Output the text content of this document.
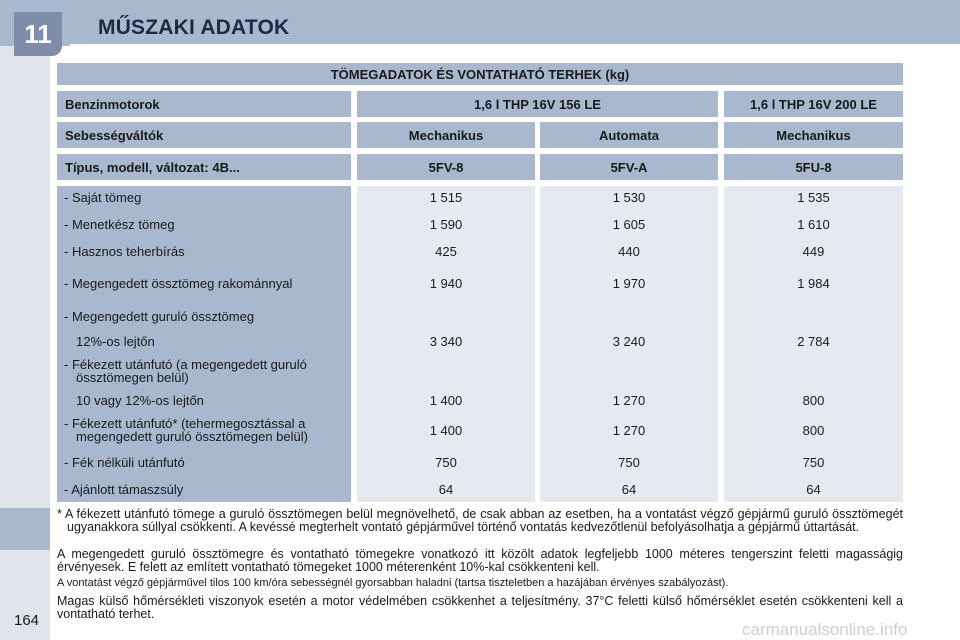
11	MŰSZAKI ADATOK
TÖMEGADATOK ÉS VONTATHATÓ TERHEK (kg)
Benzinmotorok	1,6 l THP 16V 156 LE	1,6 l THP 16V 200 LE
Sebességváltók	Mechanikus	Automata	Mechanikus
Típus, modell, változat: 4B...	5FV-8	5FV-A	5FU-8
- Saját tömeg	1 515	1 530	1 535
- Menetkész tömeg	1 590	1 605	1 610
- Hasznos teherbírás	425	440	449
- Megengedett össztömeg rakománnyal	1 940	1 970	1 984
- Megengedett guruló össztömeg
12%-os lejtőn	3 340	3 240	2 784
- Fékezett utánfutó (a megengedett guruló össztömegen belül)
10 vagy 12%-os lejtőn	1 400	1 270	800
- Fékezett utánfutó* (tehermegosztással a megengedett guruló össztömegen belül)	1 400	1 270	800
- Fék nélküli utánfutó	750	750	750
- Ajánlott támaszsúly	64	64	64
* A fékezett utánfutó tömege a guruló össztömegen belül megnövelhető, de csak abban az esetben, ha a vontatást végző gépjármű guruló össztömegét ugyanakkora súllyal csökkenti. A kevéssé megterhelt vontató gépjárművel történő vontatás kedvezőtlenül befolyásolhatja a gépjármű úttartását.
A megengedett guruló össztömegre és vontatható tömegekre vonatkozó itt közölt adatok legfeljebb 1000 méteres tengerszint feletti magasságig érvényesek. E felett az említett vontatható tömegeket 1000 méterenként 10%-kal csökkenteni kell.
A vontatást végző gépjárművel tilos 100 km/óra sebességnél gyorsabban haladni (tartsa tiszteletben a hazájában érvényes szabályozást).
Magas külső hőmérsékleti viszonyok esetén a motor védelmében csökkenhet a teljesítmény. 37°C feletti külső hőmérséklet esetén csökkenteni kell a vontatható terhet.
164	carmanualsonline.info
